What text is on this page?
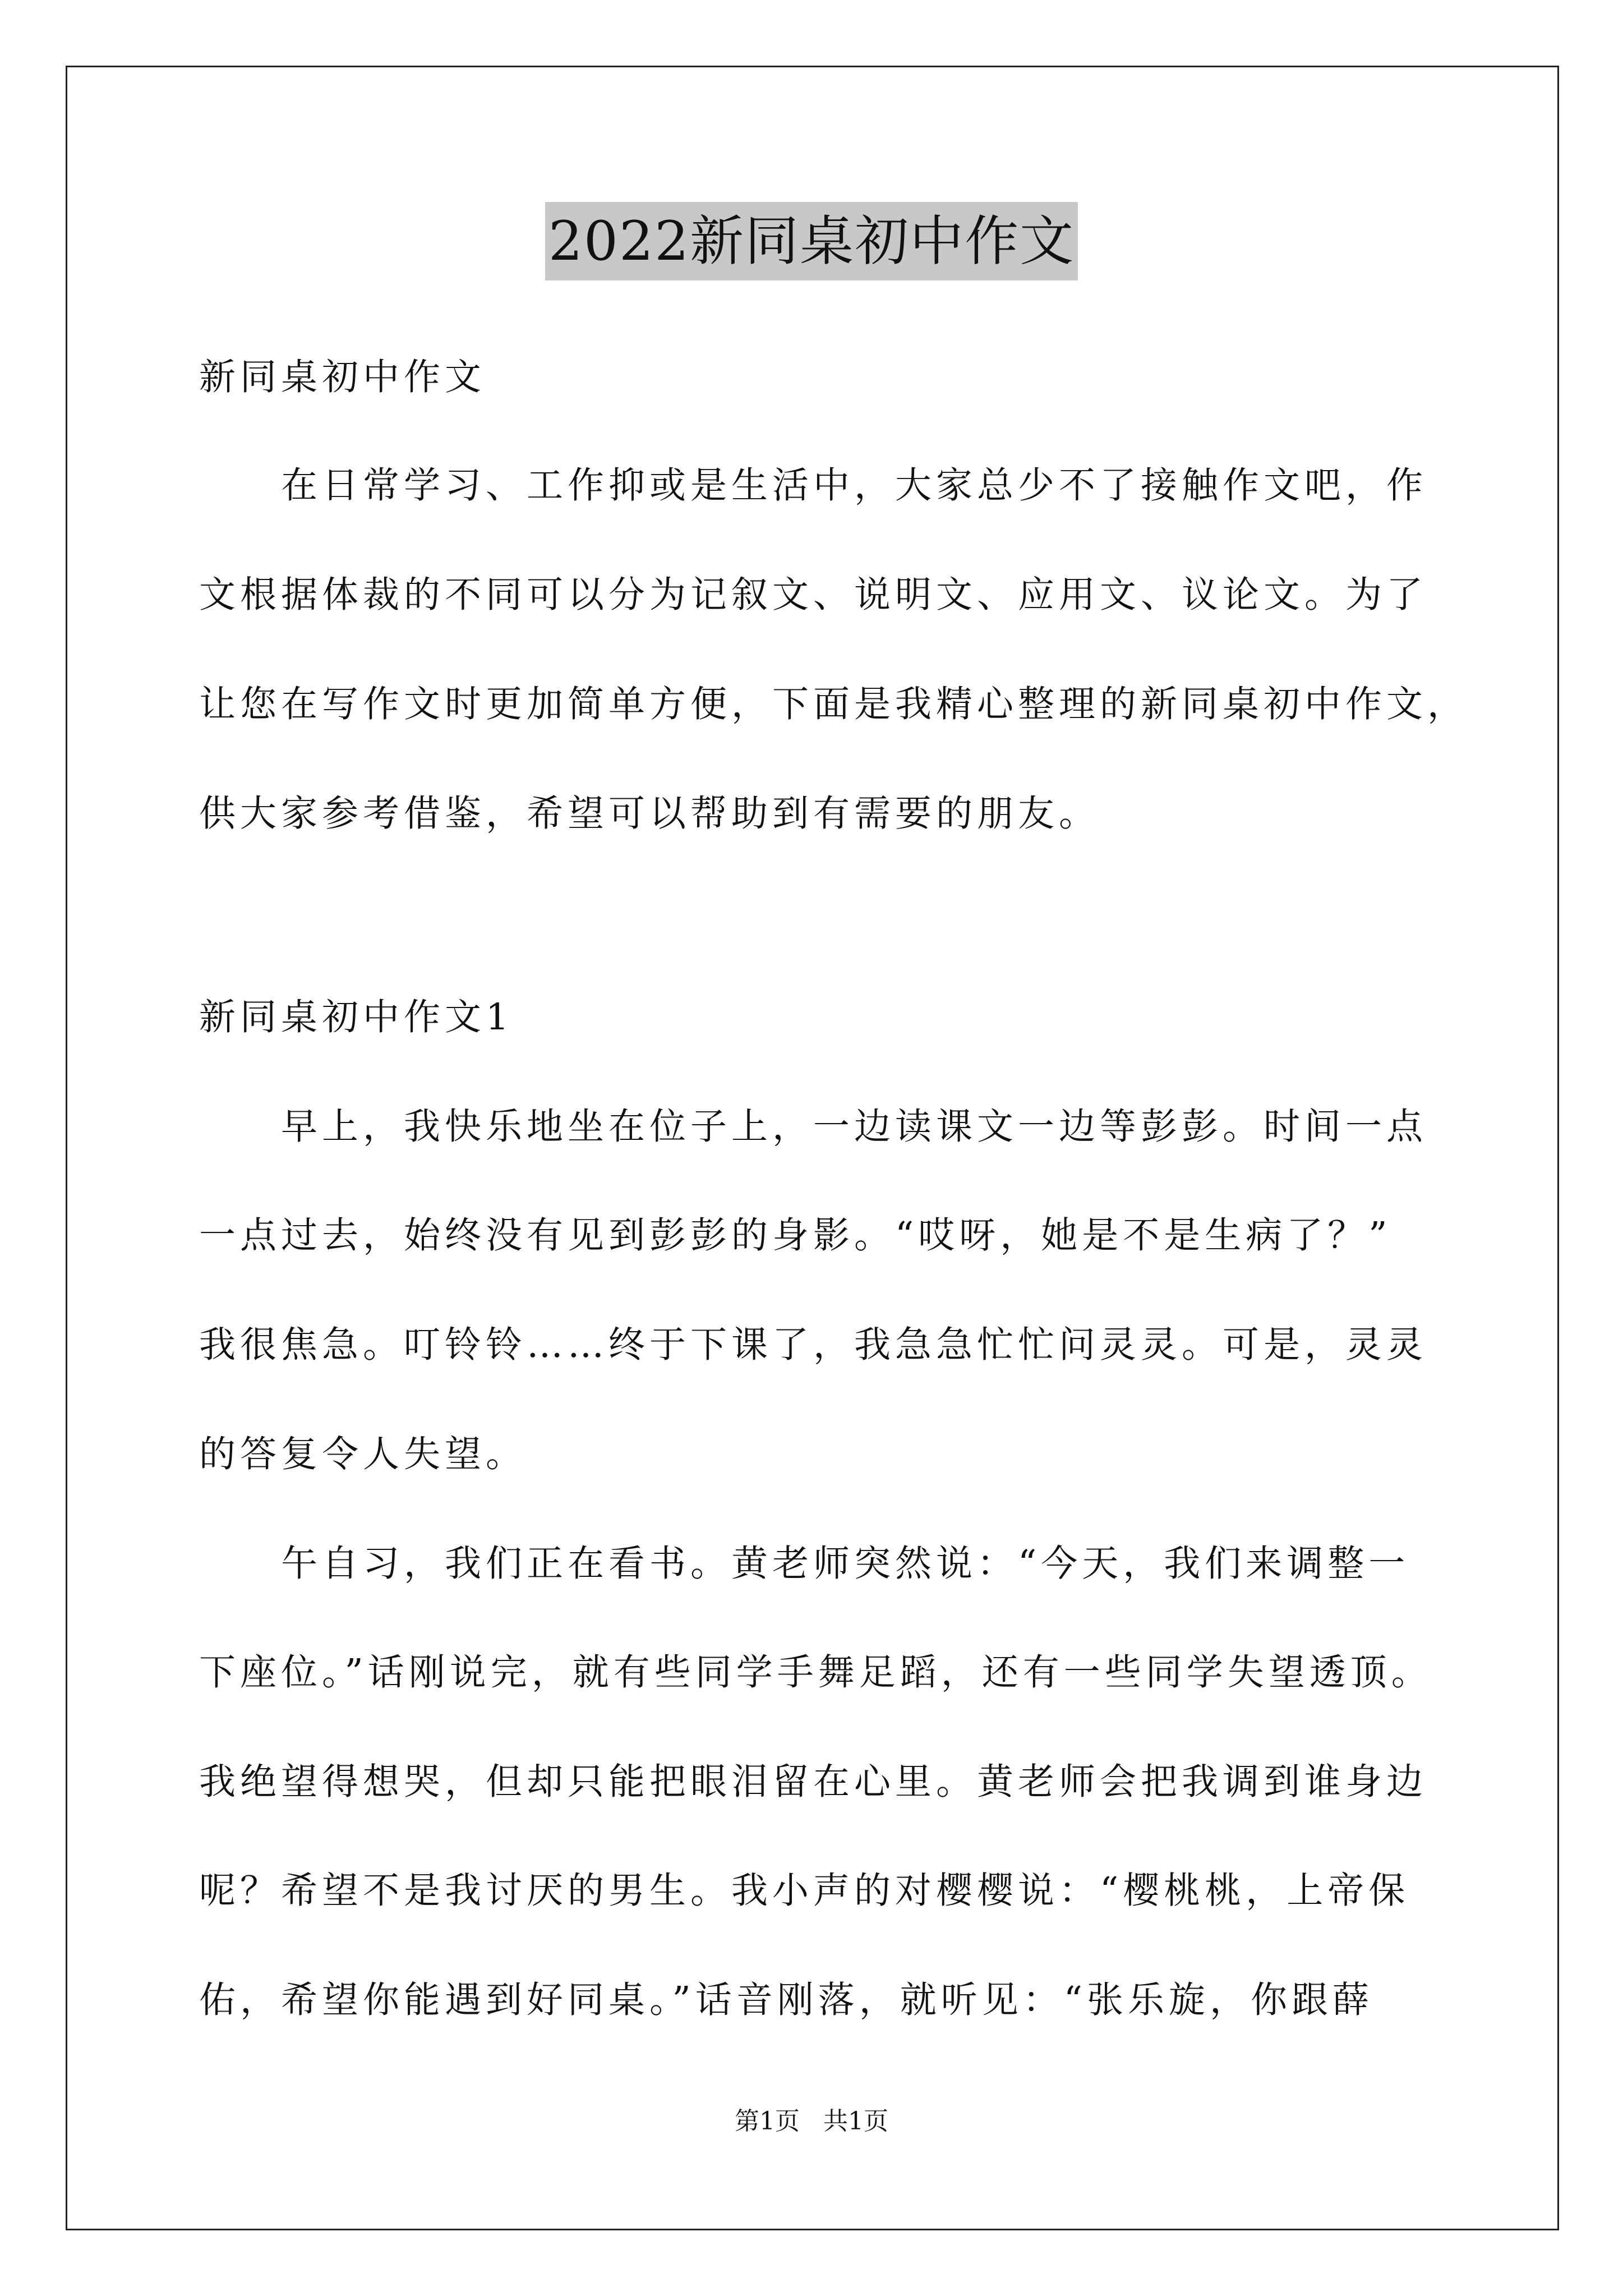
2022新同桌初中作文
新同桌初中作文
在日常学习、工作抑或是生活中，大家总少不了接触作文吧，作
文根据体裁的不同可以分为记叙文、说明文、应用文、议论文。为了
让您在写作文时更加简单方便，下面是我精心整理的新同桌初中作文，
供大家参考借鉴，希望可以帮助到有需要的朋友。
新同桌初中作文1
早上，我快乐地坐在位子上，一边读课文一边等彭彭。时间一点
一点过去，始终没有见到彭彭的身影。“哎呀，她是不是生病了？”
我很焦急。叮铃铃……终于下课了，我急急忙忙问灵灵。可是，灵灵
的答复令人失望。
午自习，我们正在看书。黄老师突然说：“今天，我们来调整一
下座位。”话刚说完，就有些同学手舞足蹈，还有一些同学失望透顶。
我绝望得想哭，但却只能把眼泪留在心里。黄老师会把我调到谁身边
呢？希望不是我讨厌的男生。我小声的对樱樱说：“樱桃桃，上帝保
佑，希望你能遇到好同桌。”话音刚落，就听见：“张乐旋，你跟薛
第1页 共1页
